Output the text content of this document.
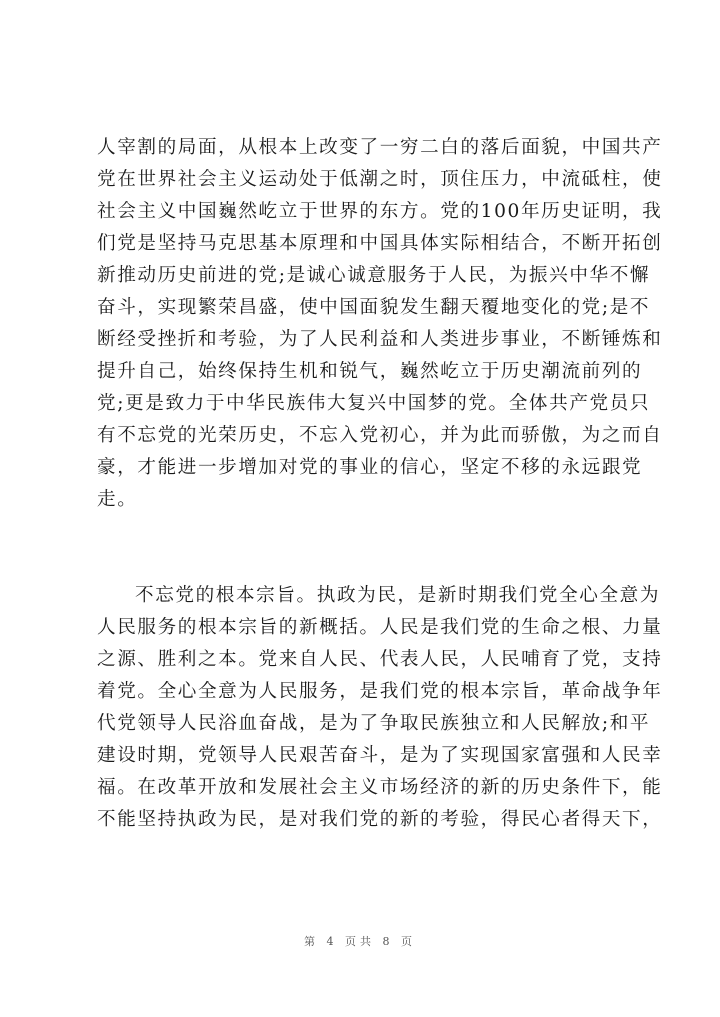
人宰割的局面，从根本上改变了一穷二白的落后面貌，中国共产
党在世界社会主义运动处于低潮之时，顶住压力，中流砥柱，使
社会主义中国巍然屹立于世界的东方。党的100年历史证明，我
们党是坚持马克思基本原理和中国具体实际相结合，不断开拓创
新推动历史前进的党;是诚心诚意服务于人民，为振兴中华不懈
奋斗，实现繁荣昌盛，使中国面貌发生翻天覆地变化的党;是不
断经受挫折和考验，为了人民利益和人类进步事业，不断锤炼和
提升自己，始终保持生机和锐气，巍然屹立于历史潮流前列的
党;更是致力于中华民族伟大复兴中国梦的党。全体共产党员只
有不忘党的光荣历史，不忘入党初心，并为此而骄傲，为之而自
豪，才能进一步增加对党的事业的信心，坚定不移的永远跟党
走。
不忘党的根本宗旨。执政为民，是新时期我们党全心全意为
人民服务的根本宗旨的新概括。人民是我们党的生命之根、力量
之源、胜利之本。党来自人民、代表人民，人民哺育了党，支持
着党。全心全意为人民服务，是我们党的根本宗旨，革命战争年
代党领导人民浴血奋战，是为了争取民族独立和人民解放;和平
建设时期，党领导人民艰苦奋斗，是为了实现国家富强和人民幸
福。在改革开放和发展社会主义市场经济的新的历史条件下，能
不能坚持执政为民，是对我们党的新的考验，得民心者得天下，
第 4 页共 8 页
